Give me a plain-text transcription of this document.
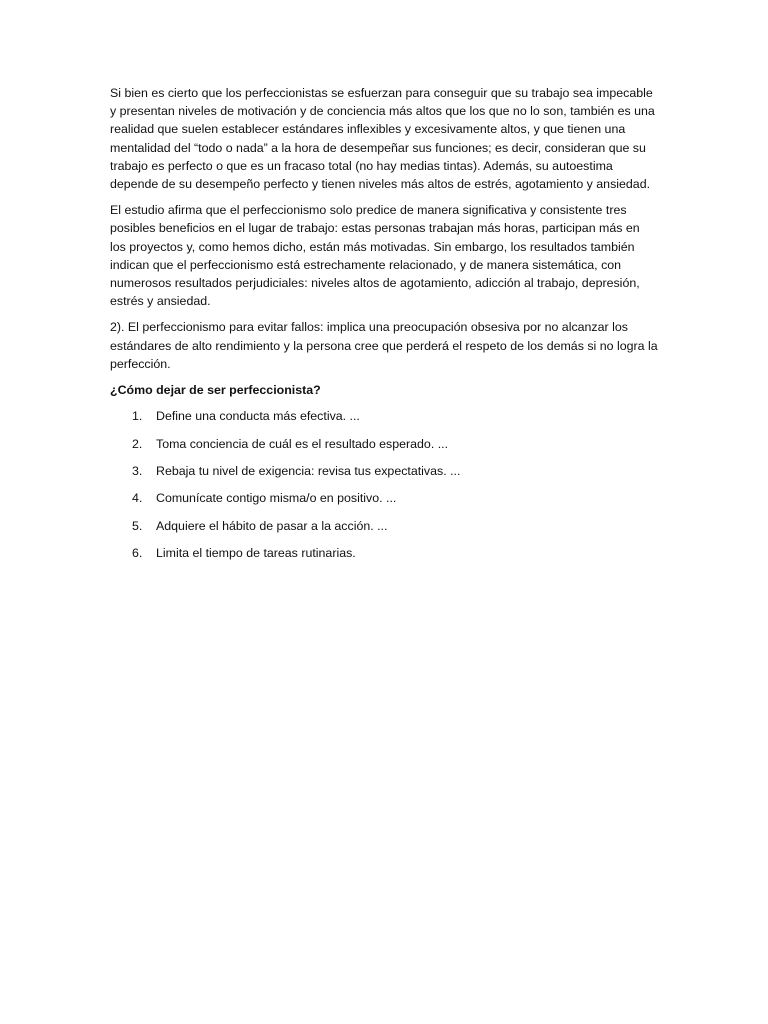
Si bien es cierto que los perfeccionistas se esfuerzan para conseguir que su trabajo sea impecable y presentan niveles de motivación y de conciencia más altos que los que no lo son, también es una realidad que suelen establecer estándares inflexibles y excesivamente altos, y que tienen una mentalidad del “todo o nada” a la hora de desempeñar sus funciones; es decir, consideran que su trabajo es perfecto o que es un fracaso total (no hay medias tintas). Además, su autoestima depende de su desempeño perfecto y tienen niveles más altos de estrés, agotamiento y ansiedad.

El estudio afirma que el perfeccionismo solo predice de manera significativa y consistente tres posibles beneficios en el lugar de trabajo: estas personas trabajan más horas, participan más en los proyectos y, como hemos dicho, están más motivadas. Sin embargo, los resultados también indican que el perfeccionismo está estrechamente relacionado, y de manera sistemática, con numerosos resultados perjudiciales: niveles altos de agotamiento, adicción al trabajo, depresión, estrés y ansiedad.

2). El perfeccionismo para evitar fallos: implica una preocupación obsesiva por no alcanzar los estándares de alto rendimiento y la persona cree que perderá el respeto de los demás si no logra la perfección.

¿Cómo dejar de ser perfeccionista?

1. Define una conducta más efectiva. ...
2. Toma conciencia de cuál es el resultado esperado. ...
3. Rebaja tu nivel de exigencia: revisa tus expectativas. ...
4. Comunícate contigo misma/o en positivo. ...
5. Adquiere el hábito de pasar a la acción. ...
6. Limita el tiempo de tareas rutinarias.
